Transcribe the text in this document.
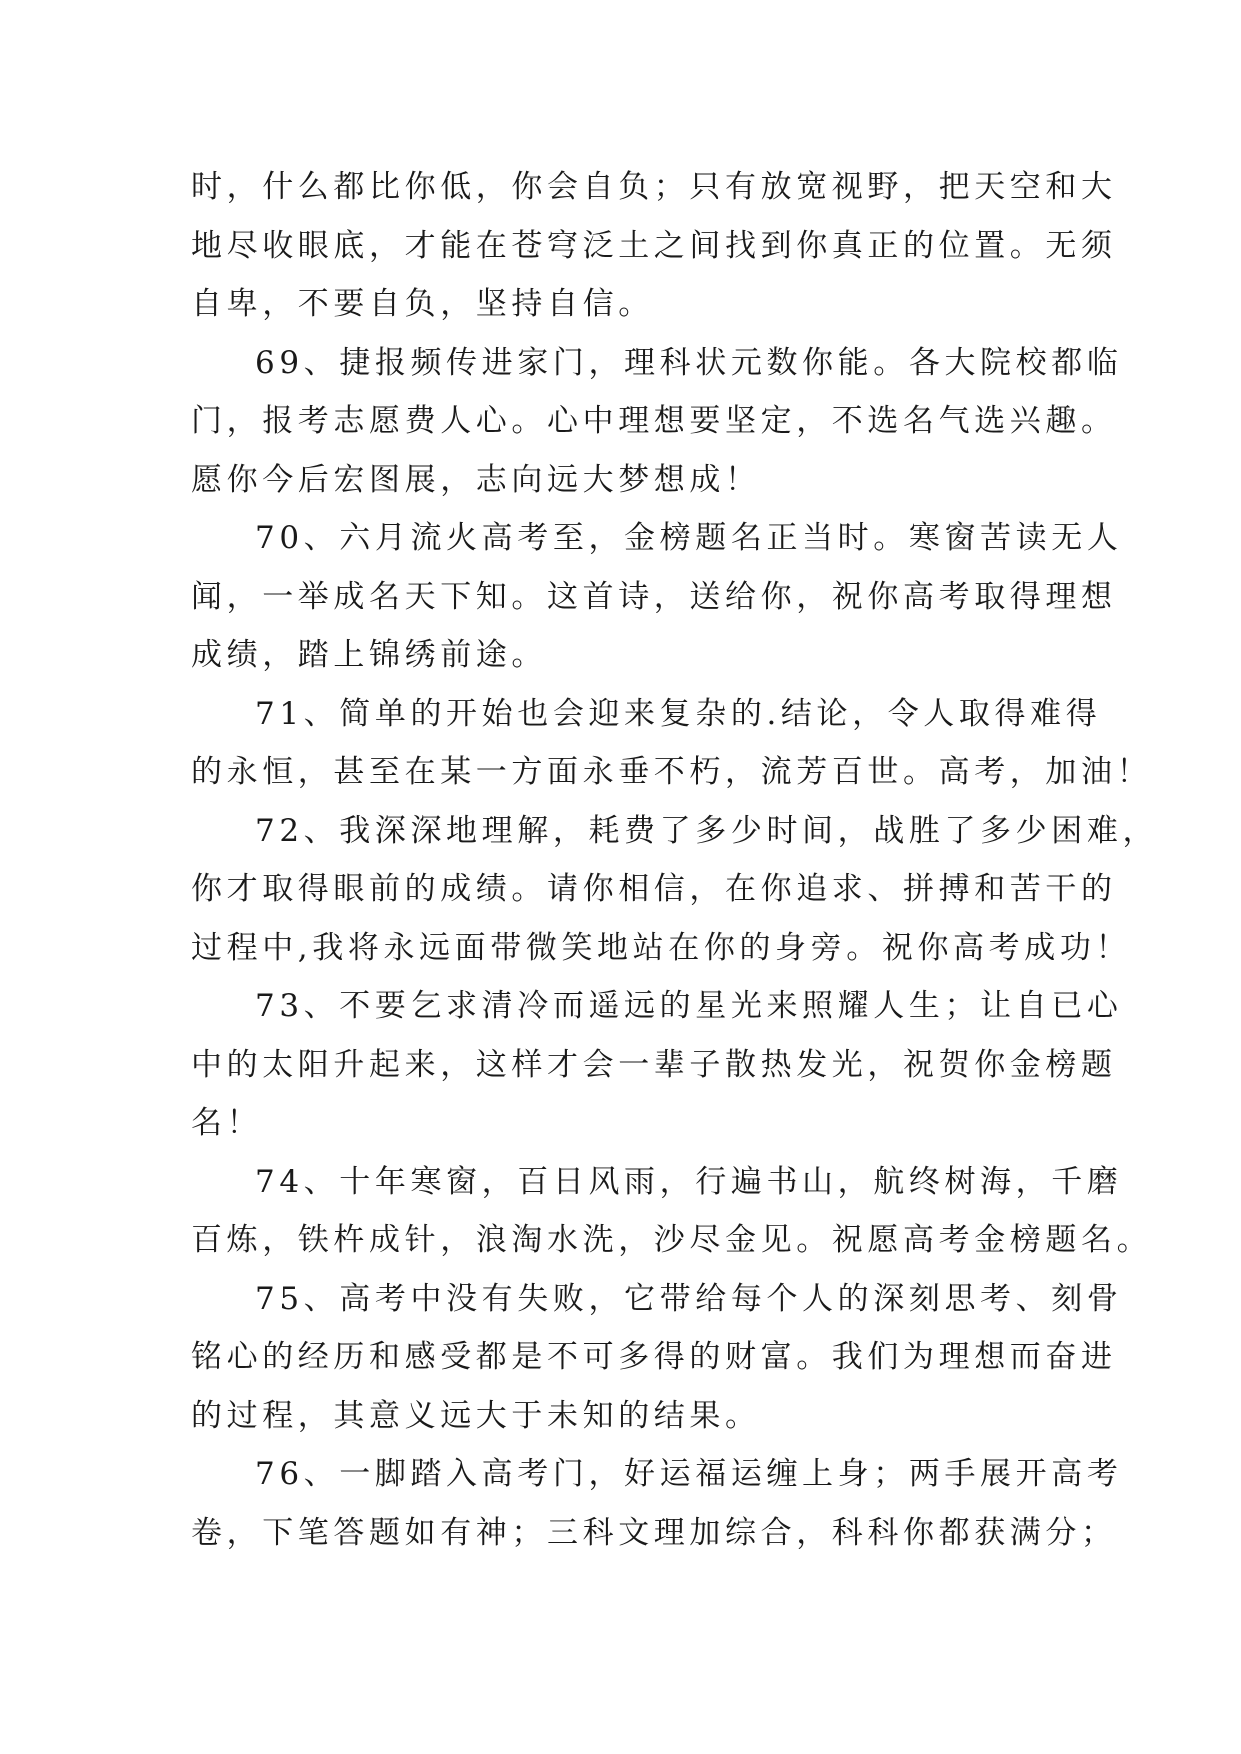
时，什么都比你低，你会自负；只有放宽视野，把天空和大
地尽收眼底，才能在苍穹泛土之间找到你真正的位置。无须
自卑，不要自负，坚持自信。
69、捷报频传进家门，理科状元数你能。各大院校都临
门，报考志愿费人心。心中理想要坚定，不选名气选兴趣。
愿你今后宏图展，志向远大梦想成！
70、六月流火高考至，金榜题名正当时。寒窗苦读无人
闻，一举成名天下知。这首诗，送给你，祝你高考取得理想
成绩，踏上锦绣前途。
71、简单的开始也会迎来复杂的.结论，令人取得难得
的永恒，甚至在某一方面永垂不朽，流芳百世。高考，加油！
72、我深深地理解，耗费了多少时间，战胜了多少困难，
你才取得眼前的成绩。请你相信，在你追求、拼搏和苦干的
过程中,我将永远面带微笑地站在你的身旁。祝你高考成功！
73、不要乞求清冷而遥远的星光来照耀人生；让自已心
中的太阳升起来，这样才会一辈子散热发光，祝贺你金榜题
名！
74、十年寒窗，百日风雨，行遍书山，航终树海，千磨
百炼，铁杵成针，浪淘水洗，沙尽金见。祝愿高考金榜题名。
75、高考中没有失败，它带给每个人的深刻思考、刻骨
铭心的经历和感受都是不可多得的财富。我们为理想而奋进
的过程，其意义远大于未知的结果。
76、一脚踏入高考门，好运福运缠上身；两手展开高考
卷，下笔答题如有神；三科文理加综合，科科你都获满分；
